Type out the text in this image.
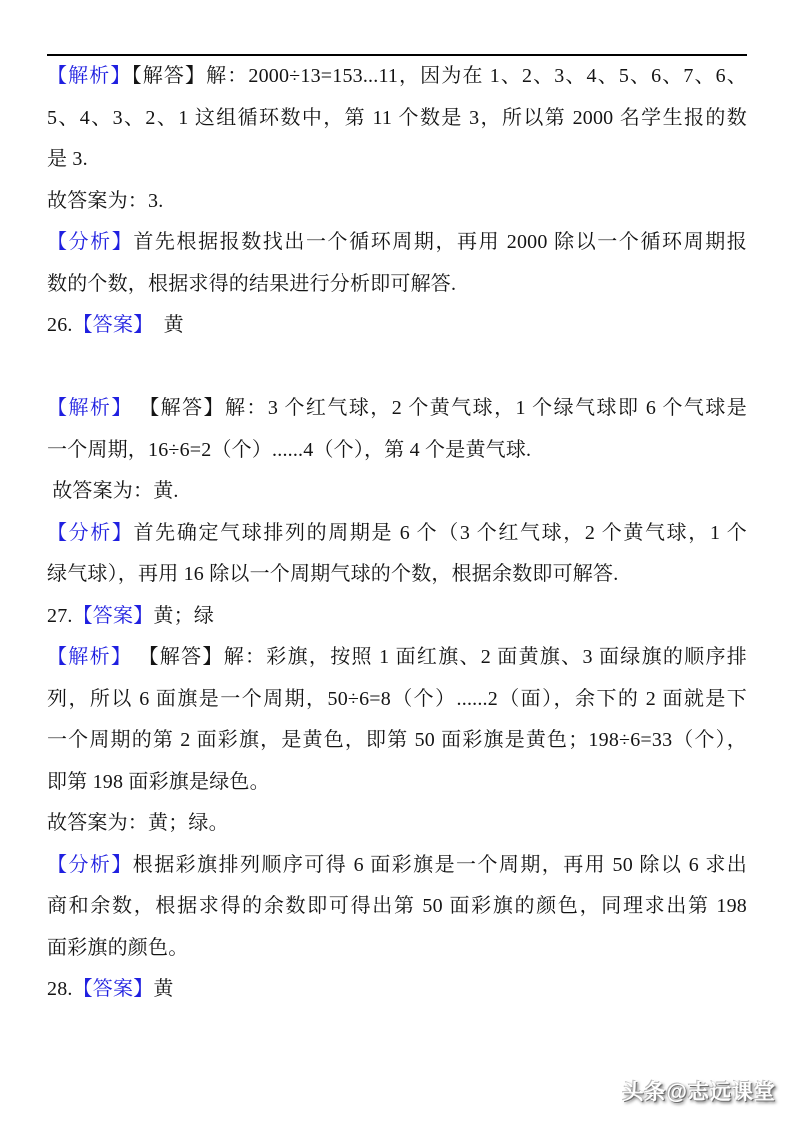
【解析】【解答】解：2000÷13=153...11，因为在 1、2、3、4、5、6、7、6、
5、4、3、2、1 这组循环数中，第 11 个数是 3，所以第 2000 名学生报的数
是 3.
故答案为：3.
【分析】首先根据报数找出一个循环周期，再用 2000 除以一个循环周期报
数的个数，根据求得的结果进行分析即可解答.
26.【答案】　黄
【解析】 【解答】解：3 个红气球，2 个黄气球，1 个绿气球即 6 个气球是
一个周期，16÷6=2（个）......4（个），第 4 个是黄气球.
故答案为：黄.
【分析】首先确定气球排列的周期是 6 个（3 个红气球，2 个黄气球，1 个
绿气球），再用 16 除以一个周期气球的个数，根据余数即可解答.
27.【答案】黄；绿
【解析】 【解答】解：彩旗，按照 1 面红旗、2 面黄旗、3 面绿旗的顺序排
列，所以 6 面旗是一个周期，50÷6=8（个）......2（面），余下的 2 面就是下
一个周期的第 2 面彩旗，是黄色，即第 50 面彩旗是黄色；198÷6=33（个），
即第 198 面彩旗是绿色。
故答案为：黄；绿。
【分析】根据彩旗排列顺序可得 6 面彩旗是一个周期，再用 50 除以 6 求出
商和余数，根据求得的余数即可得出第 50 面彩旗的颜色，同理求出第 198
面彩旗的颜色。
28.【答案】黄
头条@志远课堂
